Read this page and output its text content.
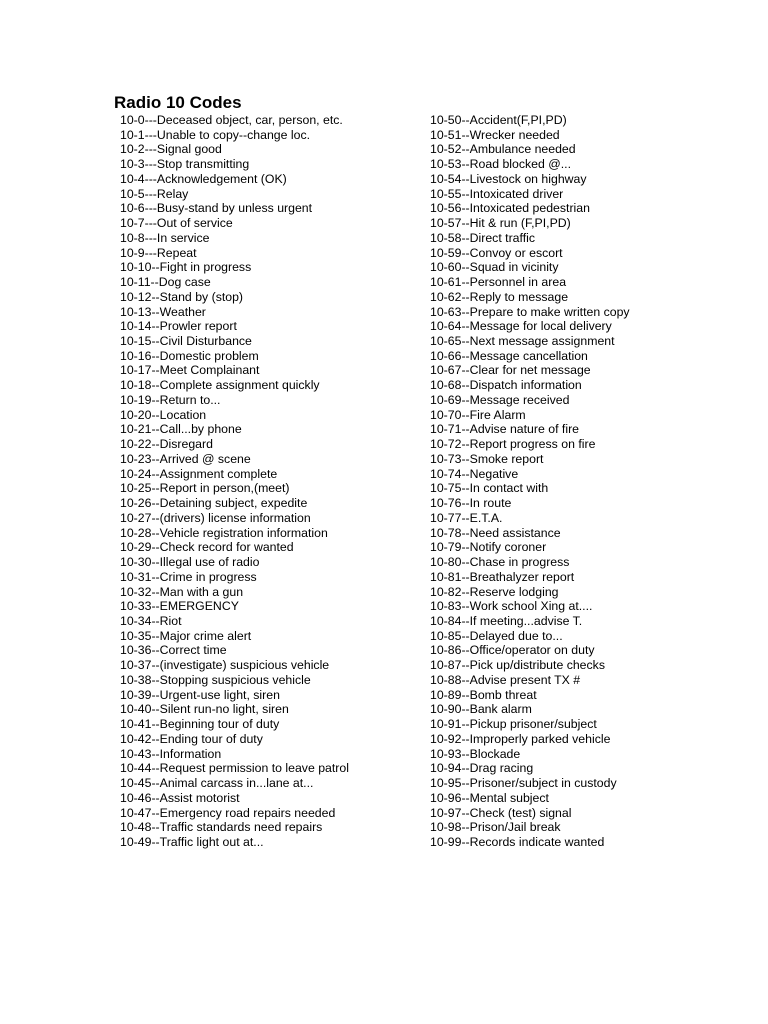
Radio 10 Codes
10-0---Deceased object, car, person, etc.
10-1---Unable to copy--change loc.
10-2---Signal good
10-3---Stop transmitting
10-4---Acknowledgement (OK)
10-5---Relay
10-6---Busy-stand by unless urgent
10-7---Out of service
10-8---In service
10-9---Repeat
10-10--Fight in progress
10-11--Dog case
10-12--Stand by (stop)
10-13--Weather
10-14--Prowler report
10-15--Civil Disturbance
10-16--Domestic problem
10-17--Meet Complainant
10-18--Complete assignment quickly
10-19--Return to...
10-20--Location
10-21--Call...by phone
10-22--Disregard
10-23--Arrived @ scene
10-24--Assignment complete
10-25--Report in person,(meet)
10-26--Detaining subject, expedite
10-27--(drivers) license information
10-28--Vehicle registration information
10-29--Check record for wanted
10-30--Illegal use of radio
10-31--Crime in progress
10-32--Man with a gun
10-33--EMERGENCY
10-34--Riot
10-35--Major crime alert
10-36--Correct time
10-37--(investigate) suspicious vehicle
10-38--Stopping suspicious vehicle
10-39--Urgent-use light, siren
10-40--Silent run-no light, siren
10-41--Beginning tour of duty
10-42--Ending tour of duty
10-43--Information
10-44--Request permission to leave patrol
10-45--Animal carcass in...lane at...
10-46--Assist motorist
10-47--Emergency road repairs needed
10-48--Traffic standards need repairs
10-49--Traffic light out at...
10-50--Accident(F,PI,PD)
10-51--Wrecker needed
10-52--Ambulance needed
10-53--Road blocked @...
10-54--Livestock on highway
10-55--Intoxicated driver
10-56--Intoxicated pedestrian
10-57--Hit & run (F,PI,PD)
10-58--Direct traffic
10-59--Convoy or escort
10-60--Squad in vicinity
10-61--Personnel in area
10-62--Reply to message
10-63--Prepare to make written copy
10-64--Message for local delivery
10-65--Next message assignment
10-66--Message cancellation
10-67--Clear for net message
10-68--Dispatch information
10-69--Message received
10-70--Fire Alarm
10-71--Advise nature of fire
10-72--Report progress on fire
10-73--Smoke report
10-74--Negative
10-75--In contact with
10-76--In route
10-77--E.T.A.
10-78--Need assistance
10-79--Notify coroner
10-80--Chase in progress
10-81--Breathalyzer report
10-82--Reserve lodging
10-83--Work school Xing at....
10-84--If meeting...advise T.
10-85--Delayed due to...
10-86--Office/operator on duty
10-87--Pick up/distribute checks
10-88--Advise present TX #
10-89--Bomb threat
10-90--Bank alarm
10-91--Pickup prisoner/subject
10-92--Improperly parked vehicle
10-93--Blockade
10-94--Drag racing
10-95--Prisoner/subject in custody
10-96--Mental subject
10-97--Check (test) signal
10-98--Prison/Jail break
10-99--Records indicate wanted
